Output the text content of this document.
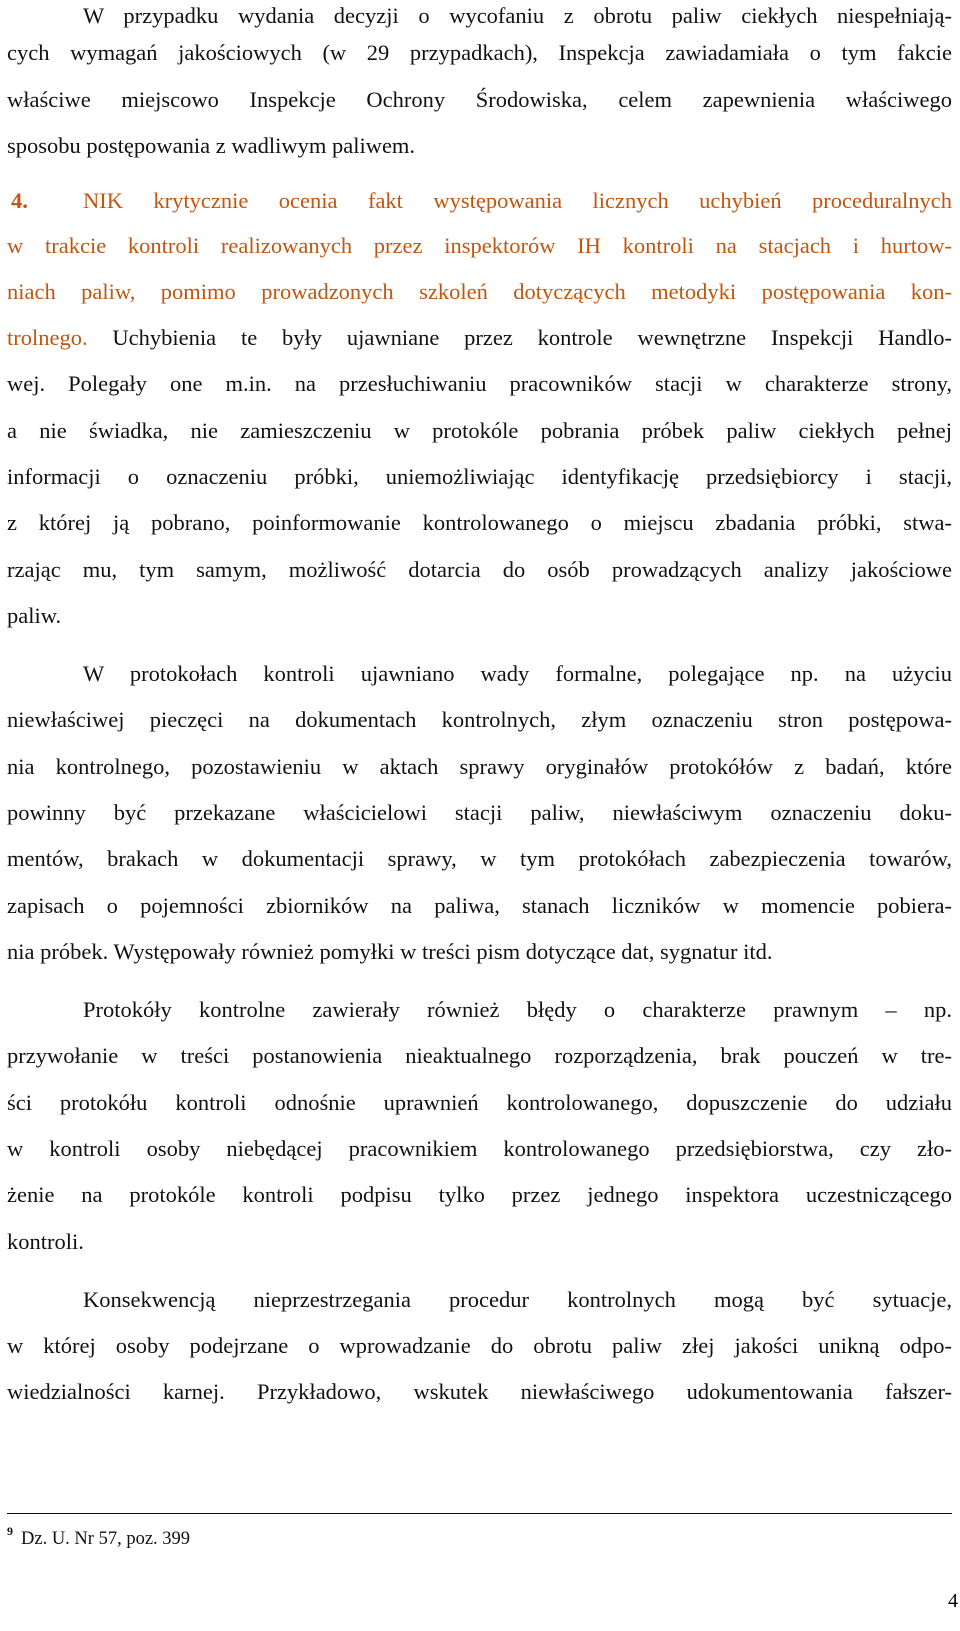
W przypadku wydania decyzji o wycofaniu z obrotu paliw ciekłych niespełniają-
cych wymagań jakościowych (w 29 przypadkach), Inspekcja zawiadamiała o tym fakcie
właściwe miejscowo Inspekcje Ochrony Środowiska, celem zapewnienia właściwego
sposobu postępowania z wadliwym paliwem.
4. NIK krytycznie ocenia fakt występowania licznych uchybień proceduralnych
w trakcie kontroli realizowanych przez inspektorów IH kontroli na stacjach i hurtow-
niach paliw, pomimo prowadzonych szkoleń dotyczących metodyki postępowania kon-
trolnego. Uchybienia te były ujawniane przez kontrole wewnętrzne Inspekcji Handlo-
wej. Polegały one m.in. na przesłuchiwaniu pracowników stacji w charakterze strony,
a nie świadka, nie zamieszczeniu w protokóle pobrania próbek paliw ciekłych pełnej
informacji o oznaczeniu próbki, uniemożliwiając identyfikację przedsiębiorcy i stacji,
z której ją pobrano, poinformowanie kontrolowanego o miejscu zbadania próbki, stwa-
rzając mu, tym samym, możliwość dotarcia do osób prowadzących analizy jakościowe
paliw.
W protokołach kontroli ujawniano wady formalne, polegające np. na użyciu
niewłaściwej pieczęci na dokumentach kontrolnych, złym oznaczeniu stron postępowa-
nia kontrolnego, pozostawieniu w aktach sprawy oryginałów protokółów z badań, które
powinny być przekazane właścicielowi stacji paliw, niewłaściwym oznaczeniu doku-
mentów, brakach w dokumentacji sprawy, w tym protokółach zabezpieczenia towarów,
zapisach o pojemności zbiorników na paliwa, stanach liczników w momencie pobiera-
nia próbek. Występowały również pomyłki w treści pism dotyczące dat, sygnatur itd.
Protokóły kontrolne zawierały również błędy o charakterze prawnym – np.
przywołanie w treści postanowienia nieaktualnego rozporządzenia, brak pouczeń w tre-
ści protokółu kontroli odnośnie uprawnień kontrolowanego, dopuszczenie do udziału
w kontroli osoby niebędącej pracownikiem kontrolowanego przedsiębiorstwa, czy zło-
żenie na protokóle kontroli podpisu tylko przez jednego inspektora uczestniczącego
kontroli.
Konsekwencją nieprzestrzegania procedur kontrolnych mogą być sytuacje,
w której osoby podejrzane o wprowadzanie do obrotu paliw złej jakości unikną odpo-
wiedzialności karnej. Przykładowo, wskutek niewłaściwego udokumentowania fałszer-
$^9$ Dz. U. Nr 57, poz. 399
4
